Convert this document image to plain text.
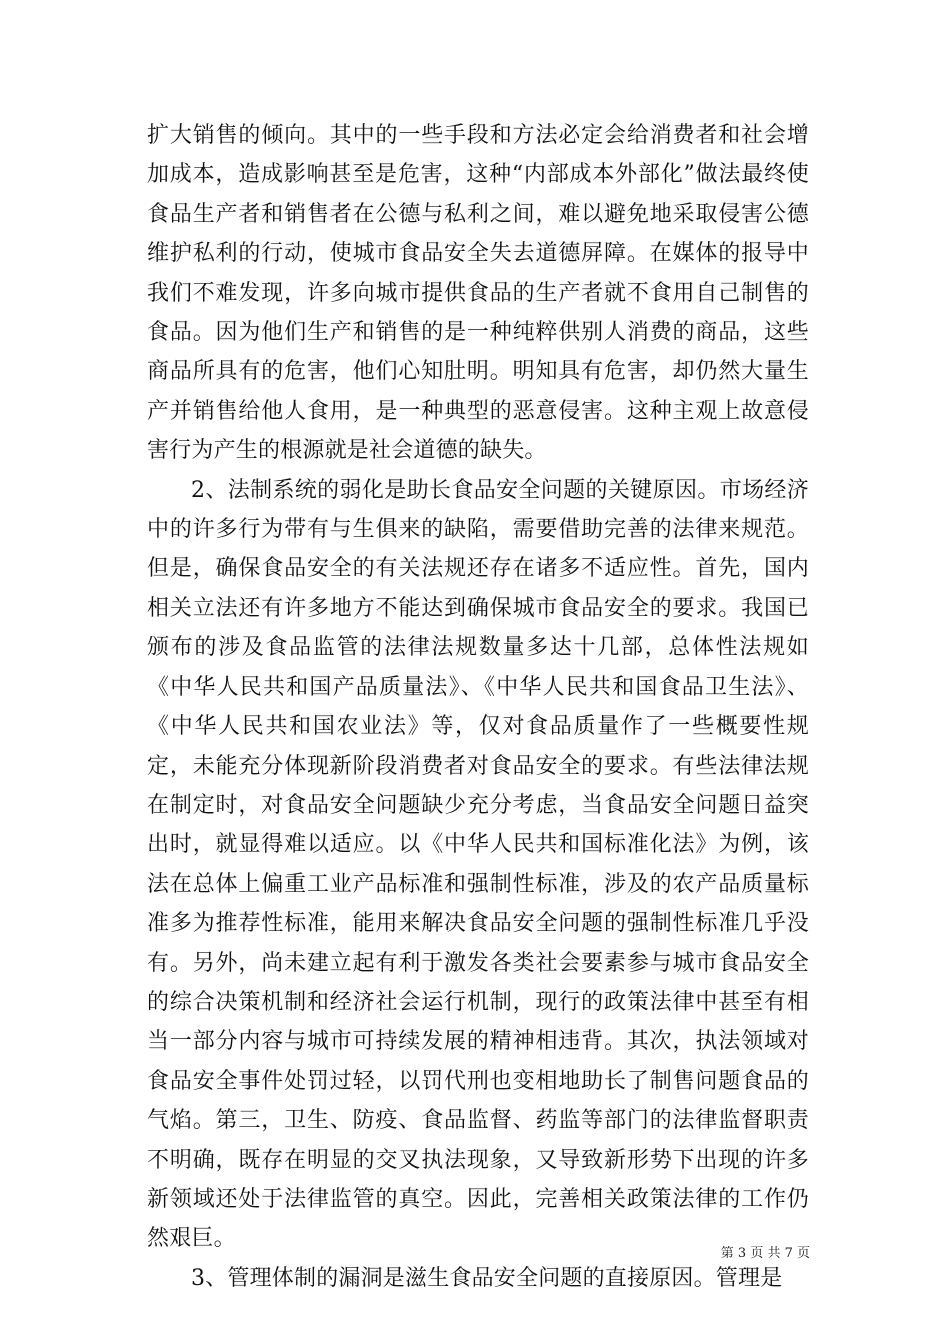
扩大销售的倾向。其中的一些手段和方法必定会给消费者和社会增加成本，造成影响甚至是危害，这种“内部成本外部化”做法最终使食品生产者和销售者在公德与私利之间，难以避免地采取侵害公德维护私利的行动，使城市食品安全失去道德屏障。在媒体的报导中我们不难发现，许多向城市提供食品的生产者就不食用自己制售的食品。因为他们生产和销售的是一种纯粹供别人消费的商品，这些商品所具有的危害，他们心知肚明。明知具有危害，却仍然大量生产并销售给他人食用，是一种典型的恶意侵害。这种主观上故意侵害行为产生的根源就是社会道德的缺失。

2、法制系统的弱化是助长食品安全问题的关键原因。市场经济中的许多行为带有与生俱来的缺陷，需要借助完善的法律来规范。但是，确保食品安全的有关法规还存在诸多不适应性。首先，国内相关立法还有许多地方不能达到确保城市食品安全的要求。我国已颁布的涉及食品监管的法律法规数量多达十几部，总体性法规如《中华人民共和国产品质量法》、《中华人民共和国食品卫生法》、《中华人民共和国农业法》等，仅对食品质量作了一些概要性规定，未能充分体现新阶段消费者对食品安全的要求。有些法律法规在制定时，对食品安全问题缺少充分考虑，当食品安全问题日益突出时，就显得难以适应。以《中华人民共和国标准化法》为例，该法在总体上偏重工业产品标准和强制性标准，涉及的农产品质量标准多为推荐性标准，能用来解决食品安全问题的强制性标准几乎没有。另外，尚未建立起有利于激发各类社会要素参与城市食品安全的综合决策机制和经济社会运行机制，现行的政策法律中甚至有相当一部分内容与城市可持续发展的精神相违背。其次，执法领域对食品安全事件处罚过轻，以罚代刑也变相地助长了制售问题食品的气焰。第三，卫生、防疫、食品监督、药监等部门的法律监督职责不明确，既存在明显的交叉执法现象，又导致新形势下出现的许多新领域还处于法律监管的真空。因此，完善相关政策法律的工作仍然艰巨。

3、管理体制的漏洞是滋生食品安全问题的直接原因。管理是

第 3 页 共 7 页
